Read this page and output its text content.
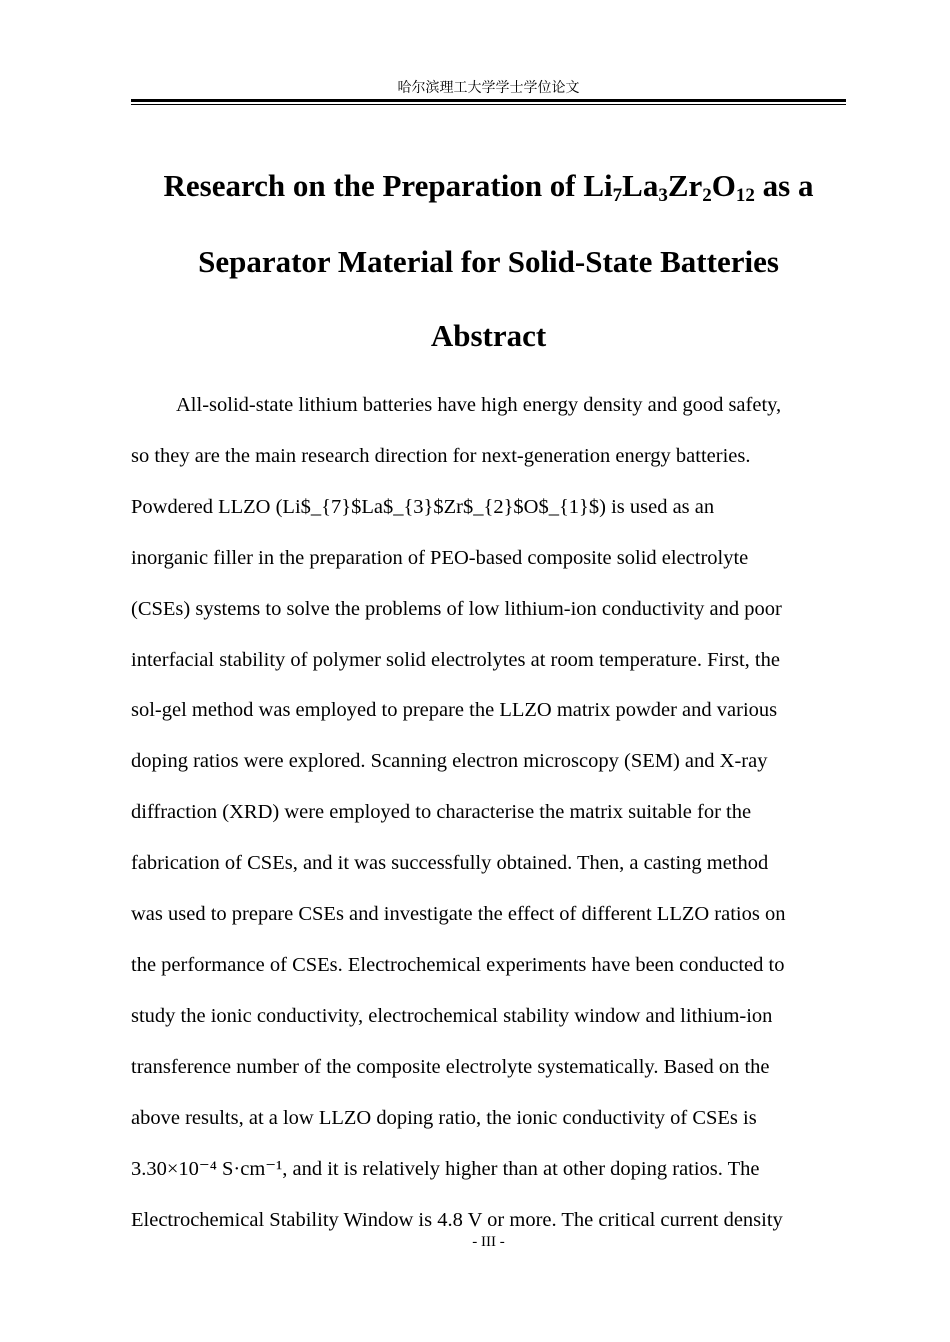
哈尔滨理工大学学士学位论文
Research on the Preparation of $Li_7La_3Zr_2O_{12}$ as a
Separator Material for Solid-State Batteries
Abstract
All-solid-state lithium batteries have high energy density and good safety,
so they are the main research direction for next-generation energy batteries.
Powdered LLZO (Li$_{7}$La$_{3}$Zr$_{2}$O$_{1}$) is used as an
inorganic filler in the preparation of PEO-based composite solid electrolyte
(CSEs) systems to solve the problems of low lithium-ion conductivity and poor
interfacial stability of polymer solid electrolytes at room temperature. First, the
sol-gel method was employed to prepare the LLZO matrix powder and various
doping ratios were explored. Scanning electron microscopy (SEM) and X-ray
diffraction (XRD) were employed to characterise the matrix suitable for the
fabrication of CSEs, and it was successfully obtained. Then, a casting method
was used to prepare CSEs and investigate the effect of different LLZO ratios on
the performance of CSEs. Electrochemical experiments have been conducted to
study the ionic conductivity, electrochemical stability window and lithium-ion
transference number of the composite electrolyte systematically. Based on the
above results, at a low LLZO doping ratio, the ionic conductivity of CSEs is
3.30×10⁻⁴ S·cm⁻¹, and it is relatively higher than at other doping ratios. The
Electrochemical Stability Window is 4.8 V or more. The critical current density
- III -
